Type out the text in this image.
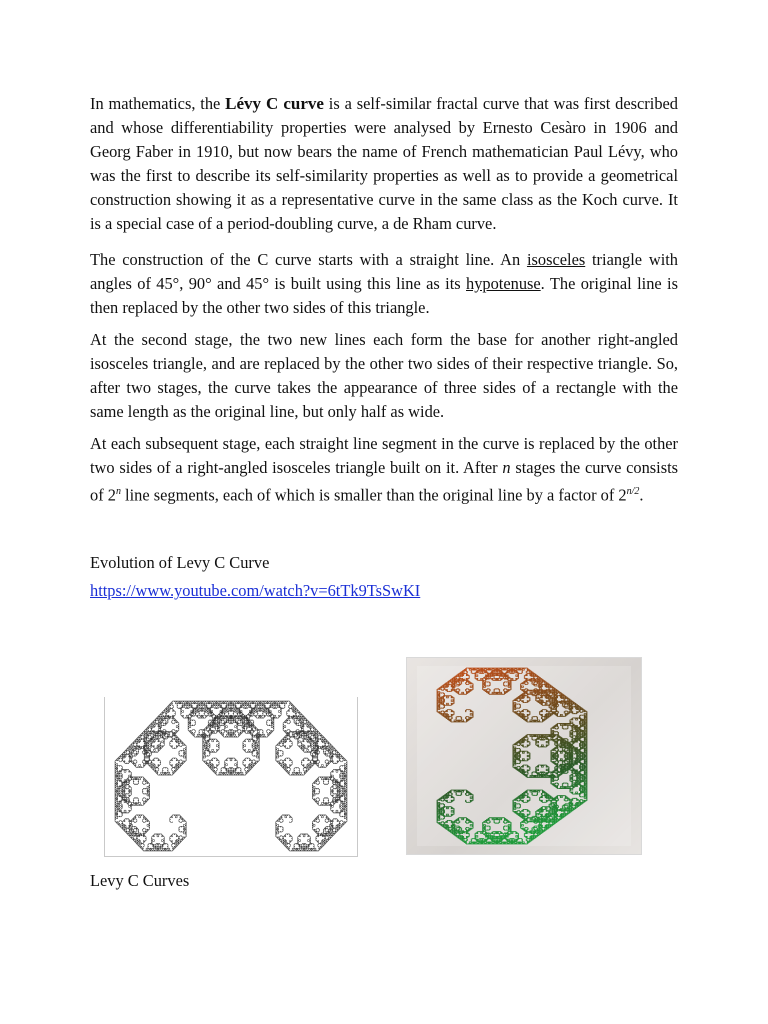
In mathematics, the Lévy C curve is a self-similar fractal curve that was first described and whose differentiability properties were analysed by Ernesto Cesàro in 1906 and Georg Faber in 1910, but now bears the name of French mathematician Paul Lévy, who was the first to describe its self-similarity properties as well as to provide a geometrical construction showing it as a representative curve in the same class as the Koch curve. It is a special case of a period-doubling curve, a de Rham curve.

The construction of the C curve starts with a straight line. An isosceles triangle with angles of 45°, 90° and 45° is built using this line as its hypotenuse. The original line is then replaced by the other two sides of this triangle.

At the second stage, the two new lines each form the base for another right-angled isosceles triangle, and are replaced by the other two sides of their respective triangle. So, after two stages, the curve takes the appearance of three sides of a rectangle with the same length as the original line, but only half as wide.

At each subsequent stage, each straight line segment in the curve is replaced by the other two sides of a right-angled isosceles triangle built on it. After n stages the curve consists of 2$^n$ line segments, each of which is smaller than the original line by a factor of $2^{n/2}$.

Evolution of Levy C Curve
https://www.youtube.com/watch?v=6tTk9TsSwKI
Levy C Curves
